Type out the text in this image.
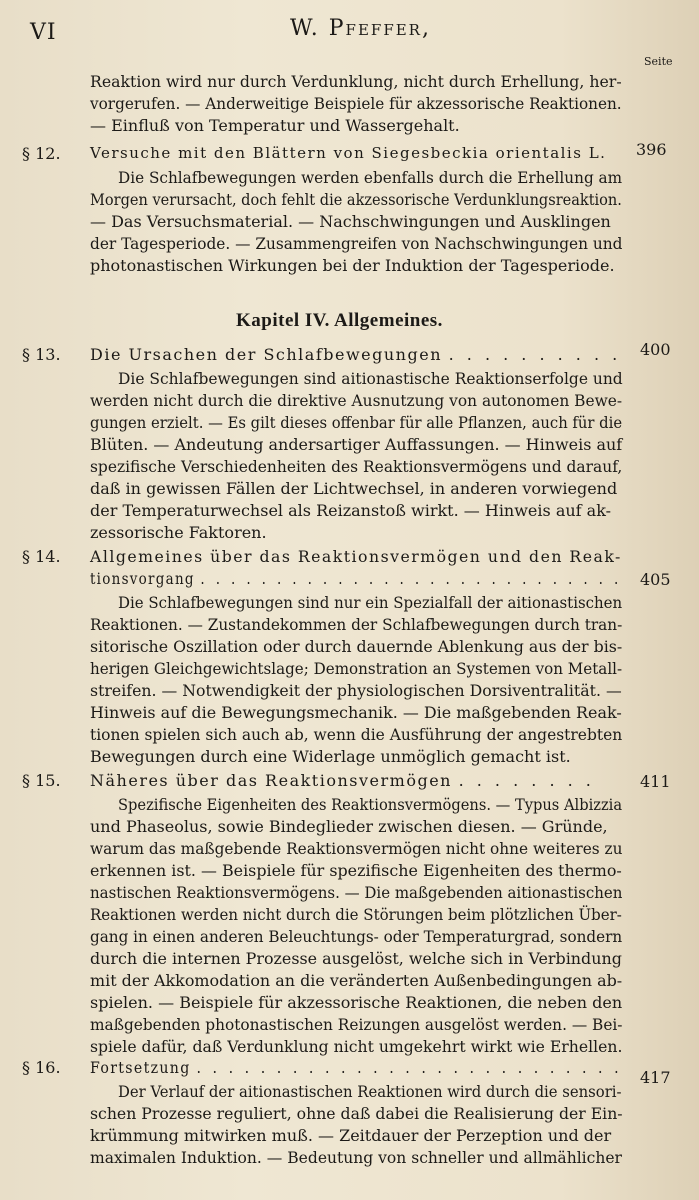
VI	W. Pfeffer,
Seite
Reaktion wird nur durch Verdunklung, nicht durch Erhellung, her-
vorgerufen. — Anderweitige Beispiele für akzessorische Reaktionen.
— Einfluß von Temperatur und Wassergehalt.
§ 12. Versuche mit den Blättern von Siegesbeckia orientalis L. 396
Die Schlafbewegungen werden ebenfalls durch die Erhellung am
Morgen verursacht, doch fehlt die akzessorische Verdunklungsreaktion.
— Das Versuchsmaterial. — Nachschwingungen und Ausklingen
der Tagesperiode. — Zusammengreifen von Nachschwingungen und
photonastischen Wirkungen bei der Induktion der Tagesperiode.
Kapitel IV. Allgemeines.
§ 13. Die Ursachen der Schlafbewegungen . . . . . . . . . . 400
Die Schlafbewegungen sind aitionastische Reaktionserfolge und
werden nicht durch die direktive Ausnutzung von autonomen Bewe-
gungen erzielt. — Es gilt dieses offenbar für alle Pflanzen, auch für die
Blüten. — Andeutung andersartiger Auffassungen. — Hinweis auf
spezifische Verschiedenheiten des Reaktionsvermögens und darauf,
daß in gewissen Fällen der Lichtwechsel, in anderen vorwiegend
der Temperaturwechsel als Reizanstoß wirkt. — Hinweis auf ak-
zessorische Faktoren.
§ 14. Allgemeines über das Reaktionsvermögen und den Reak-
tionsvorgang . . . . . . . . . . . . . . . . . . . . . . . . . . . . 405
Die Schlafbewegungen sind nur ein Spezialfall der aitionastischen
Reaktionen. — Zustandekommen der Schlafbewegungen durch tran-
sitorische Oszillation oder durch dauernde Ablenkung aus der bis-
herigen Gleichgewichtslage; Demonstration an Systemen von Metall-
streifen. — Notwendigkeit der physiologischen Dorsiventralität. —
Hinweis auf die Bewegungsmechanik. — Die maßgebenden Reak-
tionen spielen sich auch ab, wenn die Ausführung der angestrebten
Bewegungen durch eine Widerlage unmöglich gemacht ist.
§ 15. Näheres über das Reaktionsvermögen . . . . . . . .	411
Spezifische Eigenheiten des Reaktionsvermögens. — Typus Albizzia
und Phaseolus, sowie Bindeglieder zwischen diesen. — Gründe,
warum das maßgebende Reaktionsvermögen nicht ohne weiteres zu
erkennen ist. — Beispiele für spezifische Eigenheiten des thermo-
nastischen Reaktionsvermögens. — Die maßgebenden aitionastischen
Reaktionen werden nicht durch die Störungen beim plötzlichen Über-
gang in einen anderen Beleuchtungs- oder Temperaturgrad, sondern
durch die internen Prozesse ausgelöst, welche sich in Verbindung
mit der Akkomodation an die veränderten Außenbedingungen ab-
spielen. — Beispiele für akzessorische Reaktionen, die neben den
maßgebenden photonastischen Reizungen ausgelöst werden. — Bei-
spiele dafür, daß Verdunklung nicht umgekehrt wirkt wie Erhellen.
§ 16. Fortsetzung . . . . . . . . . . . . . . . . . . . . . . . . . . .
417
Der Verlauf der aitionastischen Reaktionen wird durch die sensori-
schen Prozesse reguliert, ohne daß dabei die Realisierung der Ein-
krümmung mitwirken muß. — Zeitdauer der Perzeption und der
maximalen Induktion. — Bedeutung von schneller und allmählicher
